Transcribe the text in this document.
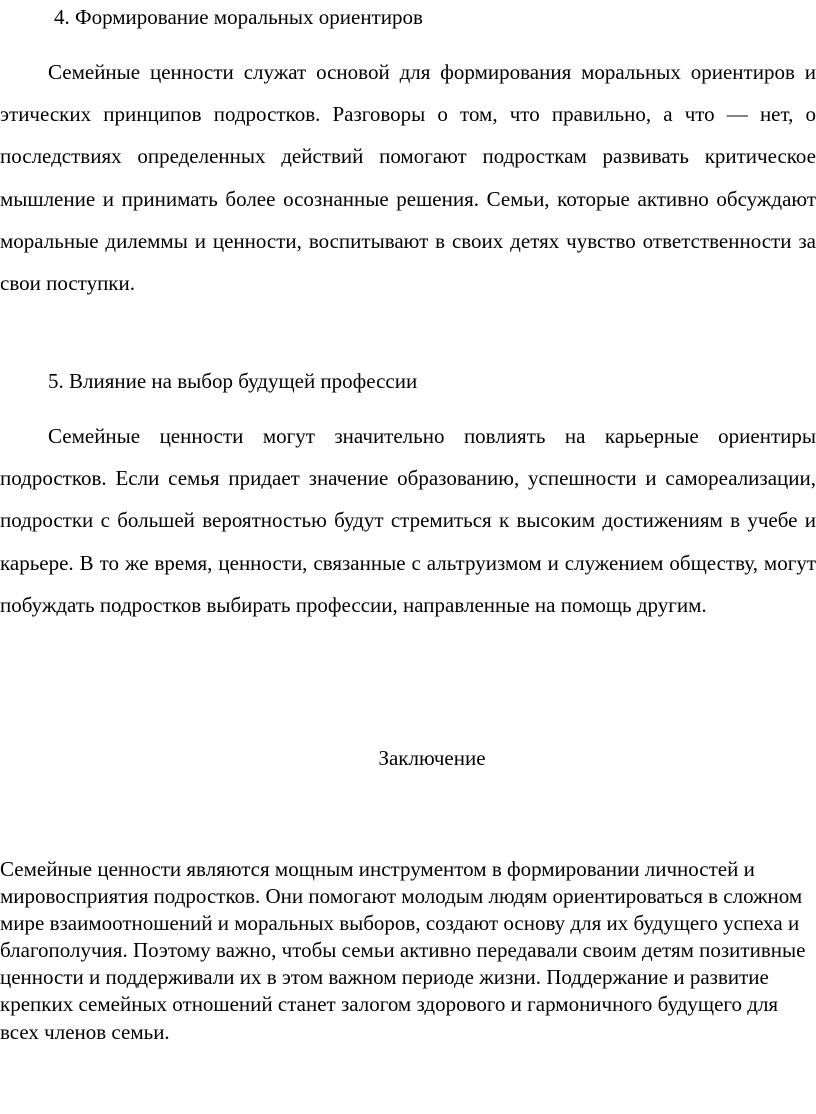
4. Формирование моральных ориентиров

Семейные ценности служат основой для формирования моральных ориентиров и этических принципов подростков. Разговоры о том, что правильно, а что — нет, о последствиях определенных действий помогают подросткам развивать критическое мышление и принимать более осознанные решения. Семьи, которые активно обсуждают моральные дилеммы и ценности, воспитывают в своих детях чувство ответственности за свои поступки.

5. Влияние на выбор будущей профессии

Семейные ценности могут значительно повлиять на карьерные ориентиры подростков. Если семья придает значение образованию, успешности и самореализации, подростки с большей вероятностью будут стремиться к высоким достижениям в учебе и карьере. В то же время, ценности, связанные с альтруизмом и служением обществу, могут побуждать подростков выбирать профессии, направленные на помощь другим.

Заключение

Семейные ценности являются мощным инструментом в формировании личностей и мировосприятия подростков. Они помогают молодым людям ориентироваться в сложном мире взаимоотношений и моральных выборов, создают основу для их будущего успеха и благополучия. Поэтому важно, чтобы семьи активно передавали своим детям позитивные ценности и поддерживали их в этом важном периоде жизни. Поддержание и развитие крепких семейных отношений станет залогом здорового и гармоничного будущего для всех членов семьи.
